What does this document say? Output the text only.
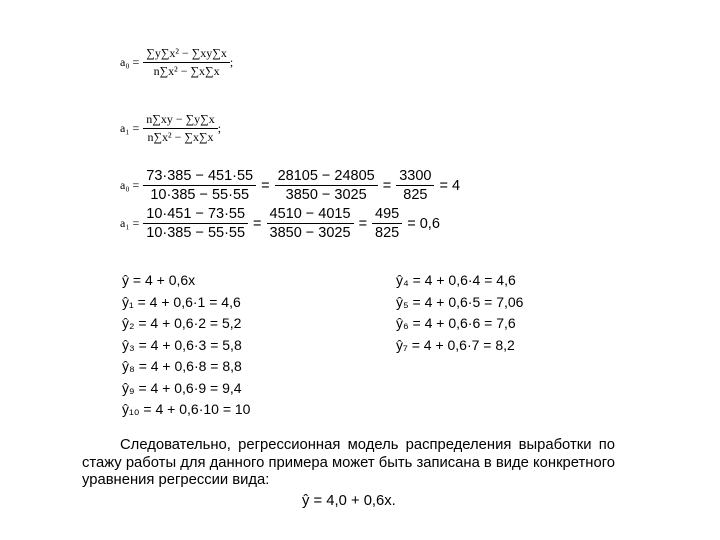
$a_0 = \frac{\text{∑y∑x² − ∑xy∑x}}{\text{n∑x² − ∑x∑x}}$ ;
$a_1 = \frac{n\sum xy - \sum y\sum x}{\text{n∑x² − ∑x∑x}}$ ;
$a_0 = \frac{73\cdot 385 - 451\cdot 55}{10\cdot 385 - 55\cdot 55} = \frac{28105 - 24805}{3850 - 3025} = \frac{3300}{825} = 4$
$a_1 = \frac{10\cdot 451 - 73\cdot 55}{10\cdot 385 - 55\cdot 55} = \frac{4510 - 4015}{3850 - 3025} = \frac{495}{825} = 0,6$
ŷ = 4 + 0,6x
ŷ₁ = 4 + 0,6·1 = 4,6
ŷ₂ = 4 + 0,6·2 = 5,2
ŷ₃ = 4 + 0,6·3 = 5,8
ŷ₈ = 4 + 0,6·8 = 8,8
ŷ₉ = 4 + 0,6·9 = 9,4
ŷ₁₀ = 4 + 0,6·10 = 10
ŷ₄ = 4 + 0,6·4 = 4,6
ŷ₅ = 4 + 0,6·5 = 7,06
ŷ₆ = 4 + 0,6·6 = 7,6
ŷ₇ = 4 + 0,6·7 = 8,2
Следовательно, регрессионная модель распределения выработки по стажу работы для данного примера может быть записана в виде конкретного уравнения регрессии вида:
ŷ = 4,0 + 0,6х.
